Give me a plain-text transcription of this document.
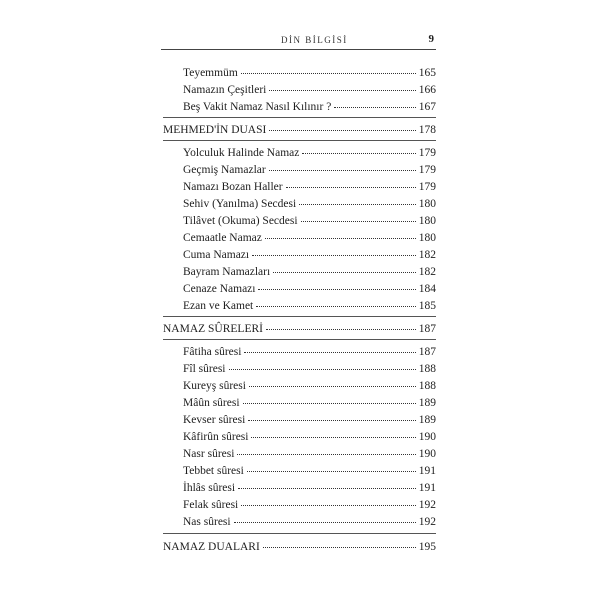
DİN BİLGİSİ	9
Teyemmüm	165
Namazın Çeşitleri	166
Beş Vakit Namaz Nasıl Kılınır ?	167
MEHMED'İN DUASI	178
Yolculuk Halinde Namaz	179
Geçmiş Namazlar	179
Namazı Bozan Haller	179
Sehiv (Yanılma) Secdesi	180
Tilâvet (Okuma) Secdesi	180
Cemaatle Namaz	180
Cuma Namazı	182
Bayram Namazları	182
Cenaze Namazı	184
Ezan ve Kamet	185
NAMAZ SÛRELERİ	187
Fâtiha sûresi	187
Fîl sûresi	188
Kureyş sûresi	188
Mâûn sûresi	189
Kevser sûresi	189
Kâfirûn sûresi	190
Nasr sûresi	190
Tebbet sûresi	191
İhlâs sûresi	191
Felak sûresi	192
Nas sûresi	192
NAMAZ DUALARI	195
